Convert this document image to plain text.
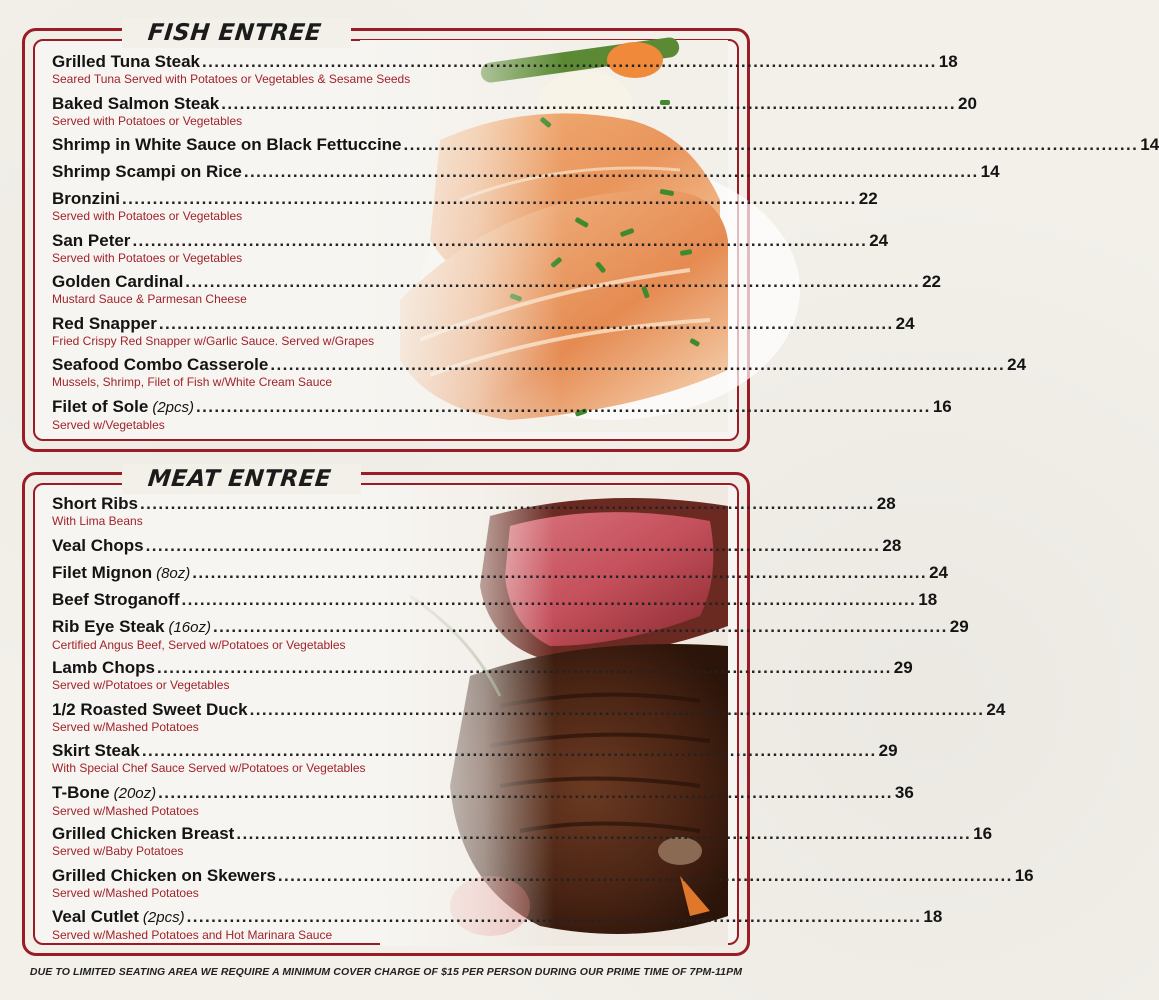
FISH ENTREE
Grilled Tuna Steak ........................................................................................................................ 18
Seared Tuna Served with Potatoes or Vegetables & Sesame Seeds
Baked Salmon Steak ........................................................................................................................ 20
Served with Potatoes or Vegetables
Shrimp in White Sauce on Black Fettuccine ........................................................................................................................ 14
Shrimp Scampi on Rice ........................................................................................................................ 14
Bronzini ........................................................................................................................ 22
Served with Potatoes or Vegetables
San Peter ........................................................................................................................ 24
Served with Potatoes or Vegetables
Golden Cardinal ........................................................................................................................ 22
Mustard Sauce & Parmesan Cheese
Red Snapper ........................................................................................................................ 24
Fried Crispy Red Snapper w/Garlic Sauce. Served w/Grapes
Seafood Combo Casserole ........................................................................................................................ 24
Mussels, Shrimp, Filet of Fish w/White Cream Sauce
Filet of Sole (2pcs) ........................................................................................................................ 16
Served w/Vegetables
MEAT ENTREE
Short Ribs ........................................................................................................................ 28
With Lima Beans
Veal Chops ........................................................................................................................ 28
Filet Mignon (8oz) ........................................................................................................................ 24
Beef Stroganoff ........................................................................................................................ 18
Rib Eye Steak (16oz) ........................................................................................................................ 29
Certified Angus Beef, Served w/Potatoes or Vegetables
Lamb Chops ........................................................................................................................ 29
Served w/Potatoes or Vegetables
1/2 Roasted Sweet Duck ........................................................................................................................ 24
Served w/Mashed Potatoes
Skirt Steak ........................................................................................................................ 29
With Special Chef Sauce Served w/Potatoes or Vegetables
T-Bone (20oz) ........................................................................................................................ 36
Served w/Mashed Potatoes
Grilled Chicken Breast ........................................................................................................................ 16
Served w/Baby Potatoes
Grilled Chicken on Skewers ........................................................................................................................ 16
Served w/Mashed Potatoes
Veal Cutlet (2pcs) ........................................................................................................................ 18
Served w/Mashed Potatoes and Hot Marinara Sauce
DUE TO LIMITED SEATING AREA WE REQUIRE A MINIMUM COVER CHARGE OF $15 PER PERSON DURING OUR PRIME TIME OF 7PM-11PM
